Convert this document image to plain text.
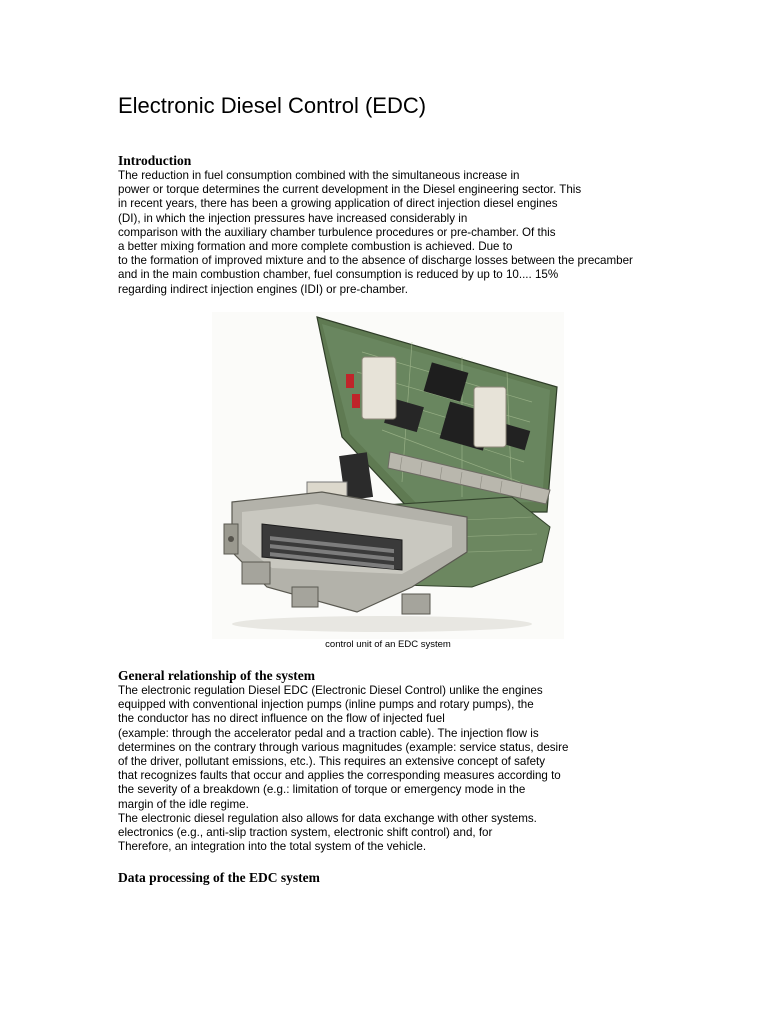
Electronic Diesel Control (EDC)
Introduction
The reduction in fuel consumption combined with the simultaneous increase in
power or torque determines the current development in the Diesel engineering sector. This
in recent years, there has been a growing application of direct injection diesel engines
(DI), in which the injection pressures have increased considerably in
comparison with the auxiliary chamber turbulence procedures or pre-chamber. Of this
a better mixing formation and more complete combustion is achieved. Due to
to the formation of improved mixture and to the absence of discharge losses between the precamber
and in the main combustion chamber, fuel consumption is reduced by up to 10.... 15%
regarding indirect injection engines (IDI) or pre-chamber.
control unit of an EDC system
General relationship of the system
The electronic regulation Diesel EDC (Electronic Diesel Control) unlike the engines
equipped with conventional injection pumps (inline pumps and rotary pumps), the
the conductor has no direct influence on the flow of injected fuel
(example: through the accelerator pedal and a traction cable). The injection flow is
determines on the contrary through various magnitudes (example: service status, desire
of the driver, pollutant emissions, etc.). This requires an extensive concept of safety
that recognizes faults that occur and applies the corresponding measures according to
the severity of a breakdown (e.g.: limitation of torque or emergency mode in the
margin of the idle regime.
The electronic diesel regulation also allows for data exchange with other systems.
electronics (e.g., anti-slip traction system, electronic shift control) and, for
Therefore, an integration into the total system of the vehicle.
Data processing of the EDC system
